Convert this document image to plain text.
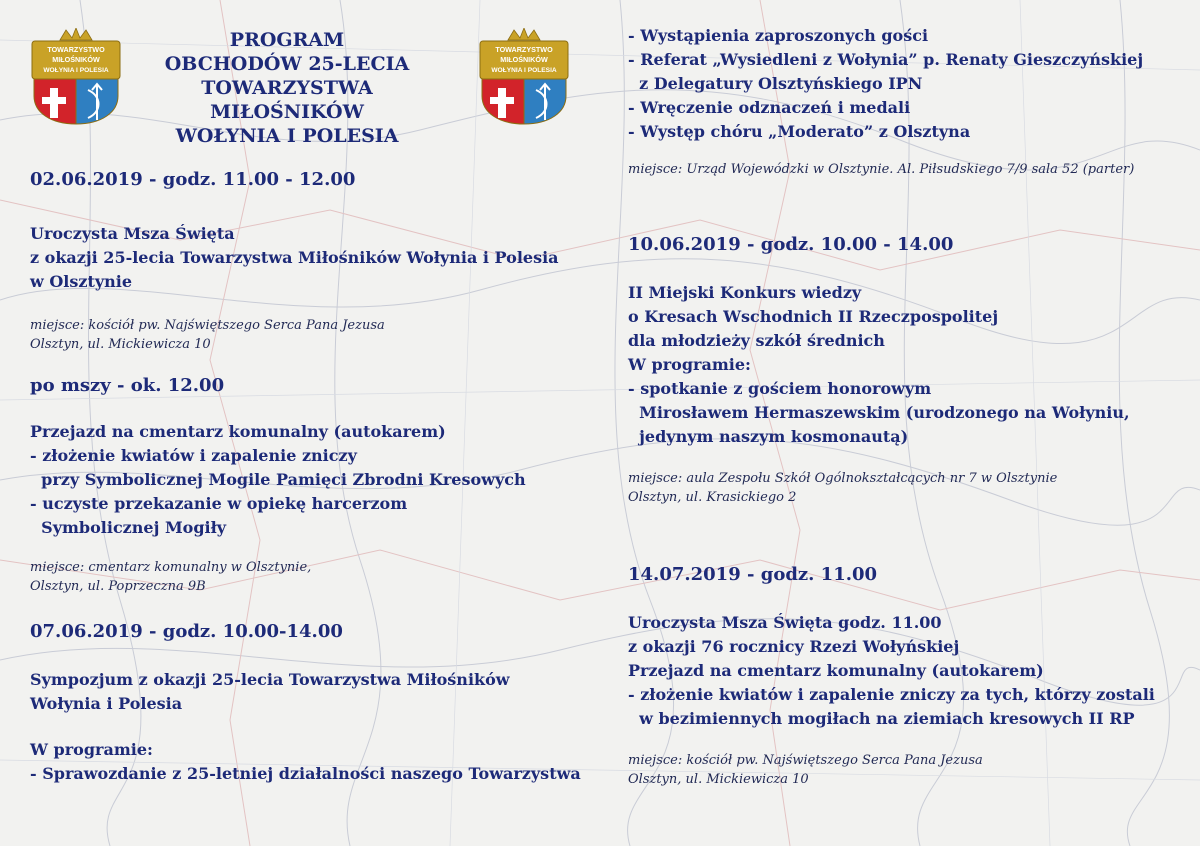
TOWARZYSTWO
MIŁOŚNIKÓW
WOŁYNIA I POLESIA
PROGRAM
OBCHODÓW 25-LECIA
TOWARZYSTWA MIŁOŚNIKÓW
WOŁYNIA I POLESIA
TOWARZYSTWO
MIŁOŚNIKÓW
WOŁYNIA I POLESIA

02.06.2019 - godz. 11.00 - 12.00

Uroczysta Msza Święta
z okazji 25-lecia Towarzystwa Miłośników Wołynia i Polesia
w Olsztynie
miejsce: kościół pw. Najświętszego Serca Pana Jezusa
Olsztyn, ul. Mickiewicza 10

po mszy - ok. 12.00

Przejazd na cmentarz komunalny (autokarem)
- złożenie kwiatów i zapalenie zniczy
przy Symbolicznej Mogile Pamięci Zbrodni Kresowych
- uczyste przekazanie w opiekę harcerzom
Symbolicznej Mogiły
miejsce: cmentarz komunalny w Olsztynie,
Olsztyn, ul. Poprzeczna 9B

07.06.2019 - godz. 10.00-14.00

Sympozjum z okazji 25-lecia Towarzystwa Miłośników
Wołynia i Polesia
W programie:
- Sprawozdanie z 25-letniej działalności naszego Towarzystwa
- Wystąpienia zaproszonych gości
- Referat „Wysiedleni z Wołynia” p. Renaty Gieszczyńskiej
z Delegatury Olsztyńskiego IPN
- Wręczenie odznaczeń i medali
- Występ chóru „Moderato” z Olsztyna
miejsce: Urząd Wojewódzki w Olsztynie. Al. Piłsudskiego 7/9 sala 52 (parter)

10.06.2019 - godz. 10.00 - 14.00

II Miejski Konkurs wiedzy
o Kresach Wschodnich II Rzeczpospolitej
dla młodzieży szkół średnich
W programie:
- spotkanie z gościem honorowym
Mirosławem Hermaszewskim (urodzonego na Wołyniu,
jedynym naszym kosmonautą)
miejsce: aula Zespołu Szkół Ogólnokształcących nr 7 w Olsztynie
Olsztyn, ul. Krasickiego 2

14.07.2019 - godz. 11.00

Uroczysta Msza Święta godz. 11.00
z okazji 76 rocznicy Rzezi Wołyńskiej
Przejazd na cmentarz komunalny (autokarem)
- złożenie kwiatów i zapalenie zniczy za tych, którzy zostali
w bezimiennych mogiłach na ziemiach kresowych II RP
miejsce: kościół pw. Najświętszego Serca Pana Jezusa
Olsztyn, ul. Mickiewicza 10
